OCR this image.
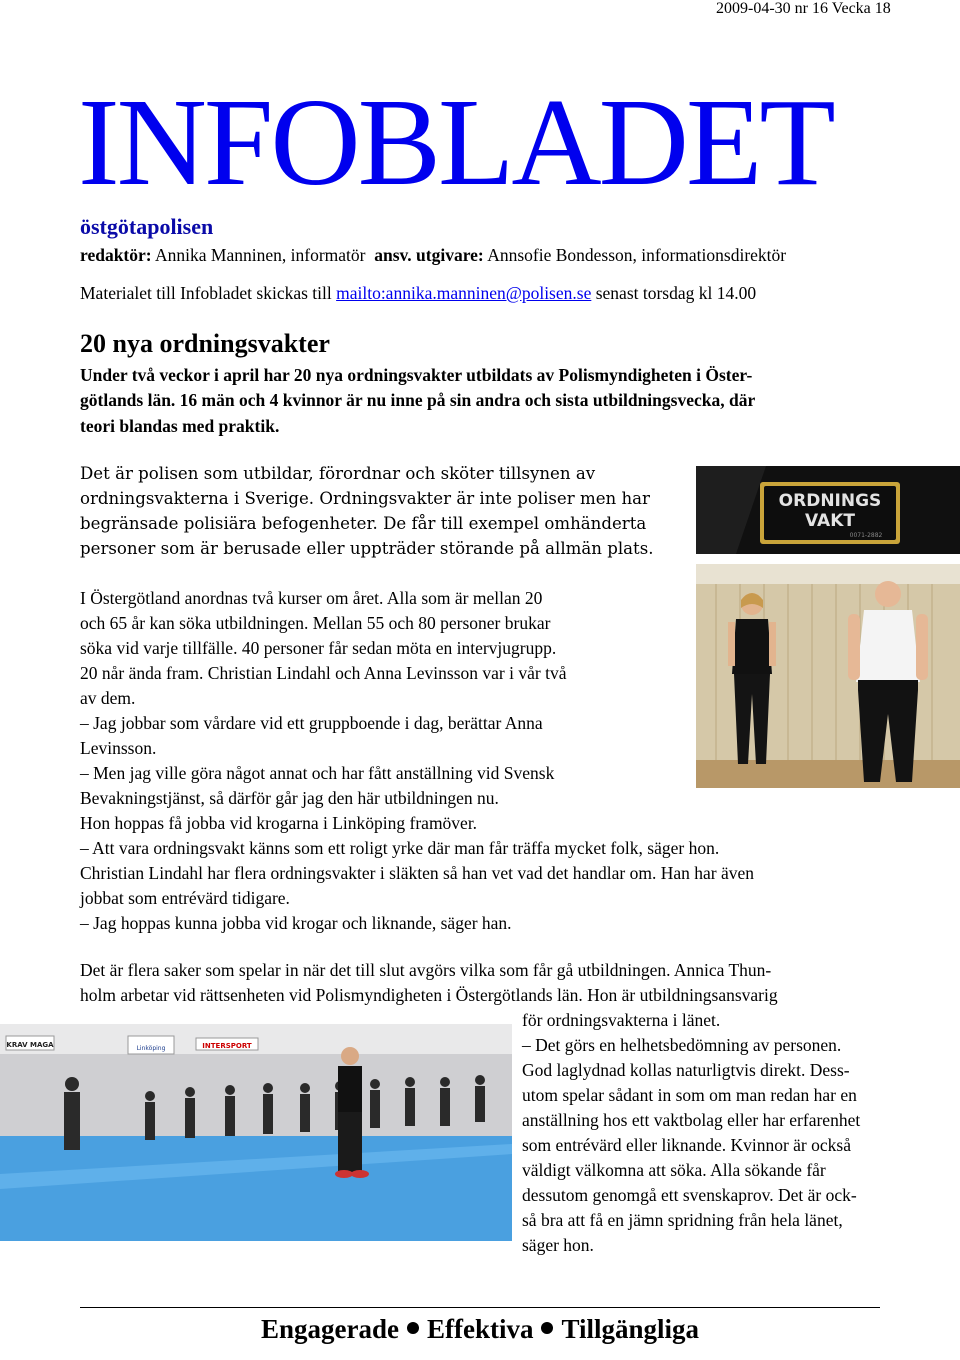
2009-04-30 nr 16 Vecka 18
INFOBLADET
östgötapolisen
redaktör: Annika Manninen, informatör ansv. utgivare: Annsofie Bondesson, informationsdirektör
Materialet till Infobladet skickas till mailto:annika.manninen@polisen.se senast torsdag kl 14.00
20 nya ordningsvakter
Under två veckor i april har 20 nya ordningsvakter utbildats av Polismyndigheten i Öster-
götlands län. 16 män och 4 kvinnor är nu inne på sin andra och sista utbildningsvecka, där
teori blandas med praktik.
Det är polisen som utbildar, förordnar och sköter tillsynen av
ordningsvakterna i Sverige. Ordningsvakter är inte poliser men har
begränsade polisiära befogenheter. De får till exempel omhänderta
personer som är berusade eller uppträder störande på allmän plats.
I Östergötland anordnas två kurser om året. Alla som är mellan 20
och 65 år kan söka utbildningen. Mellan 55 och 80 personer brukar
söka vid varje tillfälle. 40 personer får sedan möta en intervjugrupp.
20 når ända fram. Christian Lindahl och Anna Levinsson var i vår två
av dem.
– Jag jobbar som vårdare vid ett gruppboende i dag, berättar Anna
Levinsson.
– Men jag ville göra något annat och har fått anställning vid Svensk
Bevakningstjänst, så därför går jag den här utbildningen nu.
Hon hoppas få jobba vid krogarna i Linköping framöver.
– Att vara ordningsvakt känns som ett roligt yrke där man får träffa mycket folk, säger hon.
Christian Lindahl har flera ordningsvakter i släkten så han vet vad det handlar om. Han har även
jobbat som entrévärd tidigare.
– Jag hoppas kunna jobba vid krogar och liknande, säger han.
Det är flera saker som spelar in när det till slut avgörs vilka som får gå utbildningen. Annica Thun-
holm arbetar vid rättsenheten vid Polismyndigheten i Östergötlands län. Hon är utbildningsansvarig
för ordningsvakterna i länet.
– Det görs en helhetsbedömning av personen.
God laglydnad kollas naturligtvis direkt. Dess-
utom spelar sådant in som om man redan har en
anställning hos ett vaktbolag eller har erfarenhet
som entrévärd eller liknande. Kvinnor är också
väldigt välkomna att söka. Alla sökande får
dessutom genomgå ett svenskaprov. Det är ock-
så bra att få en jämn spridning från hela länet,
säger hon.
ORDNINGS
VAKT
0071-2882
KRAV MAGA	INTERSPORT
Linköping
Engagerade Effektiva Tillgängliga
